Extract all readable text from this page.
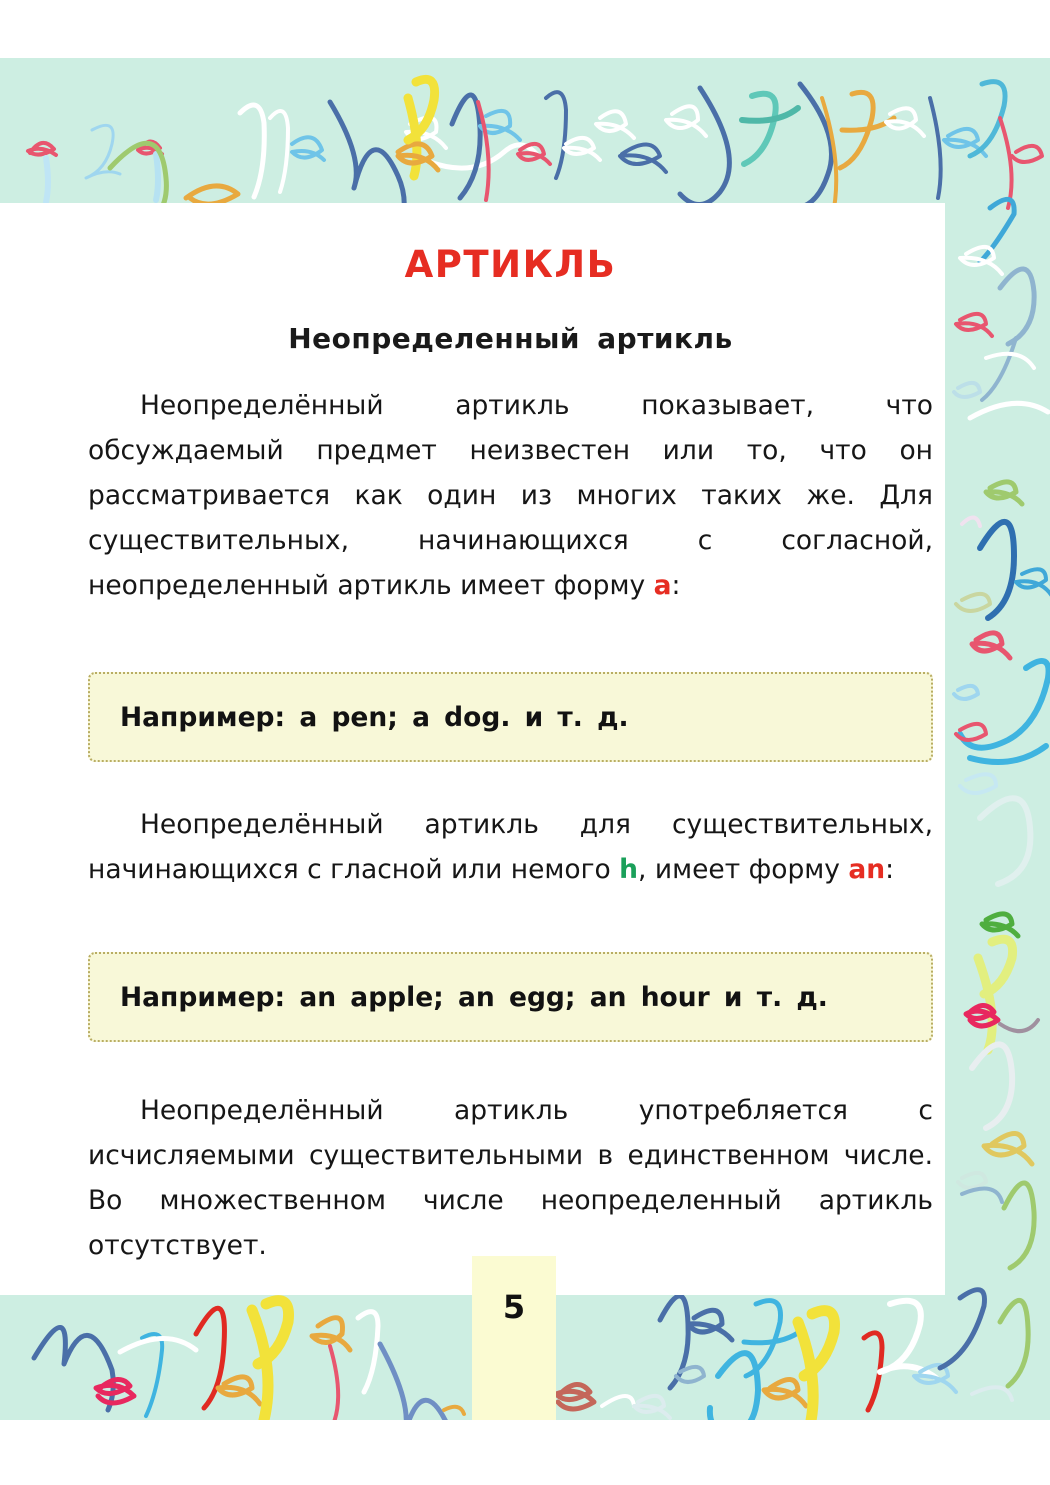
АРТИКЛЬ
Неопределенный артикль

Неопределённый артикль показывает, что обсуждаемый предмет неизвестен или то, что он рассматривается как один из многих таких же. Для существительных, начинающихся с согласной, неопределенный артикль имеет форму a:

Например: a pen; a dog. и т. д.

Неопределённый артикль для существительных, начинающихся с гласной или немого h, имеет форму an:

Например: an apple; an egg; an hour и т. д.

Неопределённый артикль употребляется с исчисляемыми существительными в единственном числе. Во множественном числе неопределенный артикль отсутствует.

5
